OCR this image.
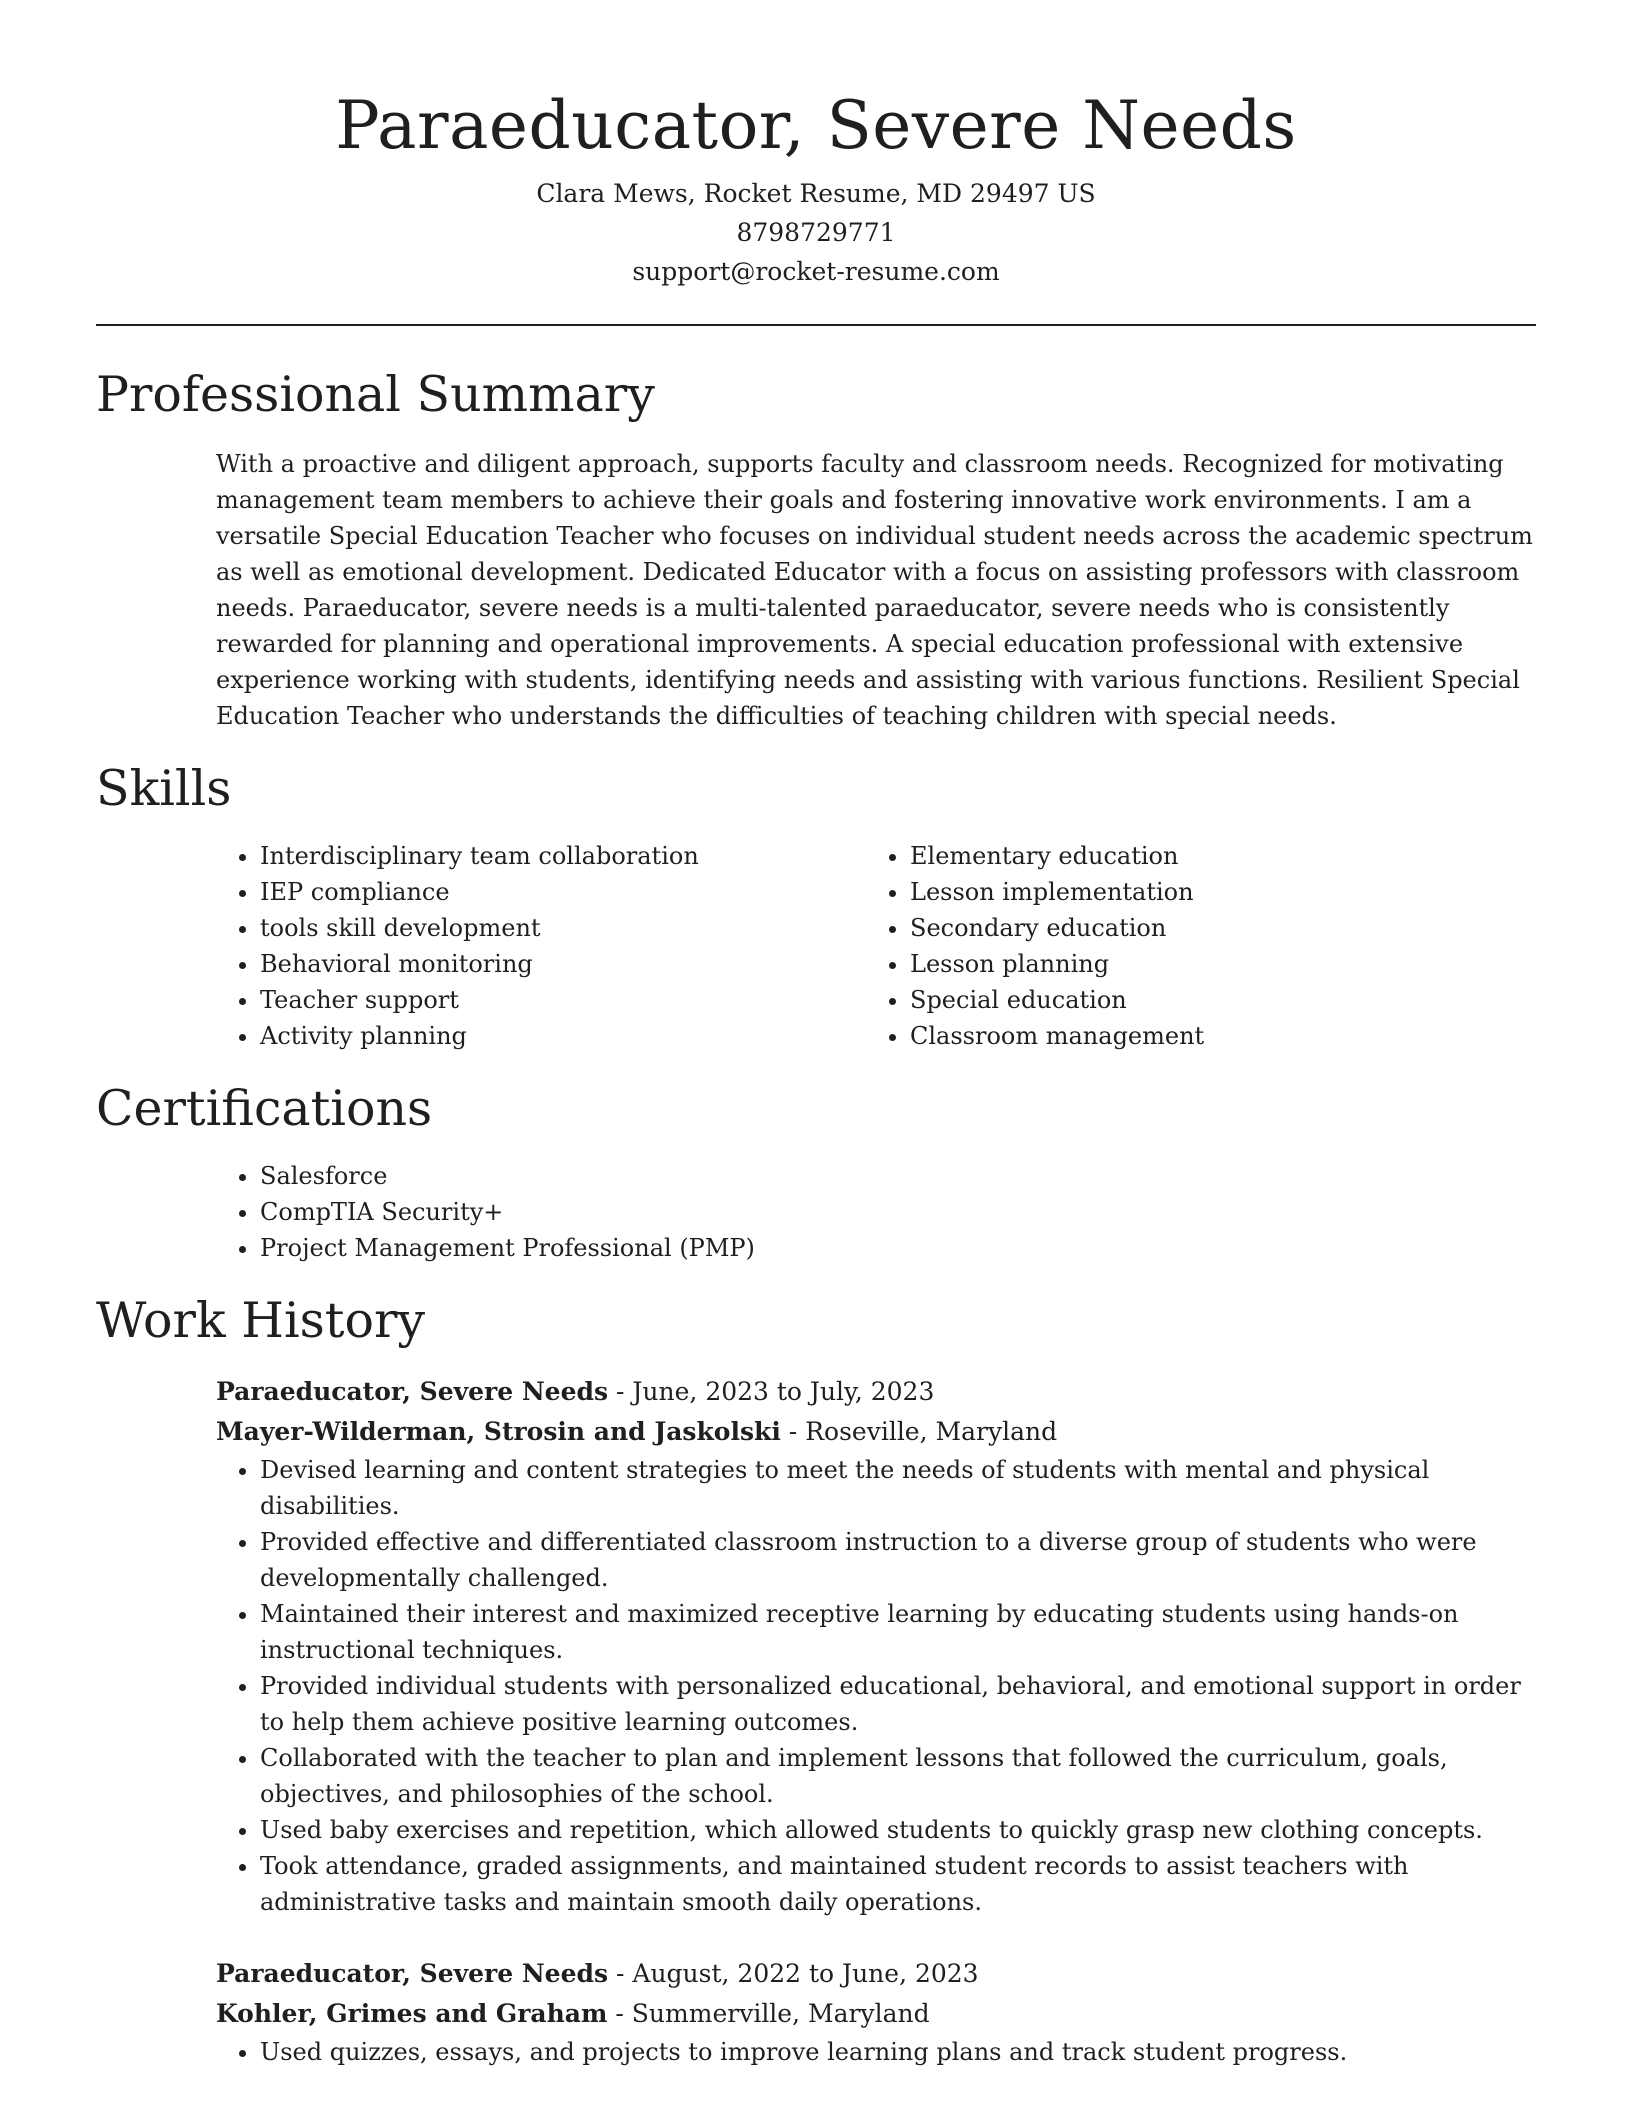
Paraeducator, Severe Needs
Clara Mews, Rocket Resume, MD 29497 US
8798729771
support@rocket-resume.com
Professional Summary
With a proactive and diligent approach, supports faculty and classroom needs. Recognized for motivating management team members to achieve their goals and fostering innovative work environments. I am a versatile Special Education Teacher who focuses on individual student needs across the academic spectrum as well as emotional development. Dedicated Educator with a focus on assisting professors with classroom needs. Paraeducator, severe needs is a multi-talented paraeducator, severe needs who is consistently rewarded for planning and operational improvements. A special education professional with extensive experience working with students, identifying needs and assisting with various functions. Resilient Special Education Teacher who understands the difficulties of teaching children with special needs.
Skills
• Interdisciplinary team collaboration
• IEP compliance
• tools skill development
• Behavioral monitoring
• Teacher support
• Activity planning
• Elementary education
• Lesson implementation
• Secondary education
• Lesson planning
• Special education
• Classroom management
Certifications
• Salesforce
• CompTIA Security+
• Project Management Professional (PMP)
Work History
Paraeducator, Severe Needs - June, 2023 to July, 2023
Mayer-Wilderman, Strosin and Jaskolski - Roseville, Maryland
• Devised learning and content strategies to meet the needs of students with mental and physical disabilities.
• Provided effective and differentiated classroom instruction to a diverse group of students who were developmentally challenged.
• Maintained their interest and maximized receptive learning by educating students using hands-on instructional techniques.
• Provided individual students with personalized educational, behavioral, and emotional support in order to help them achieve positive learning outcomes.
• Collaborated with the teacher to plan and implement lessons that followed the curriculum, goals, objectives, and philosophies of the school.
• Used baby exercises and repetition, which allowed students to quickly grasp new clothing concepts.
• Took attendance, graded assignments, and maintained student records to assist teachers with administrative tasks and maintain smooth daily operations.
Paraeducator, Severe Needs - August, 2022 to June, 2023
Kohler, Grimes and Graham - Summerville, Maryland
• Used quizzes, essays, and projects to improve learning plans and track student progress.
